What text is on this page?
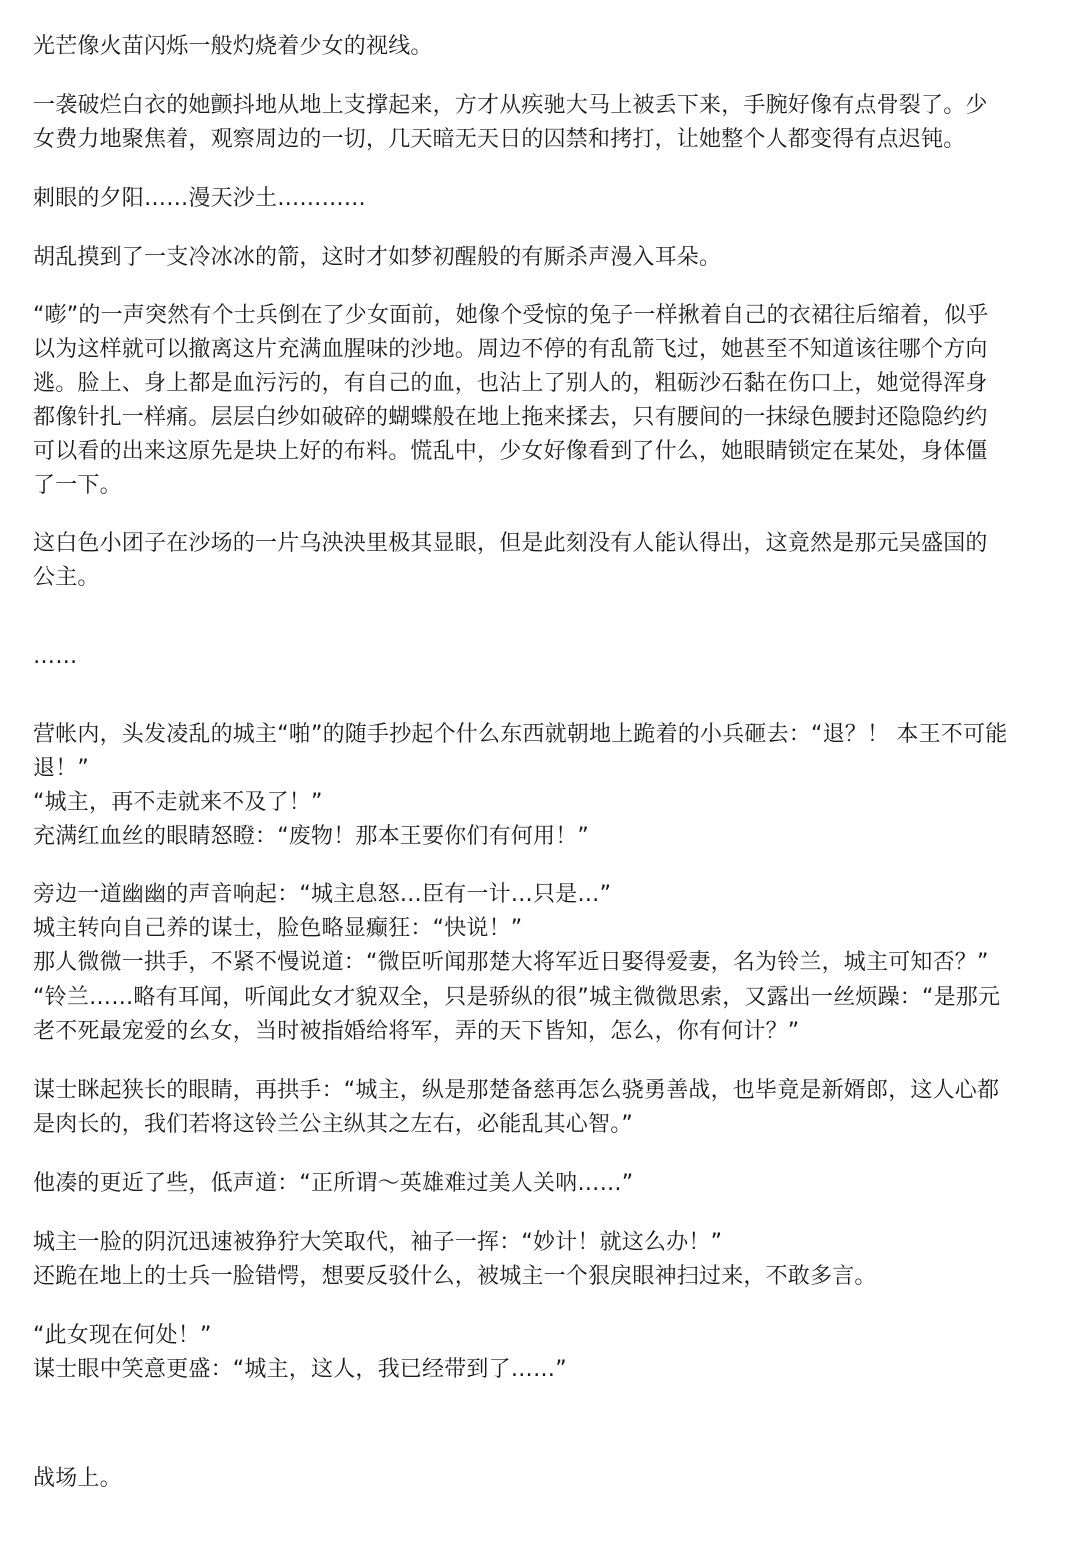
光芒像火苗闪烁一般灼烧着少女的视线。
一袭破烂白衣的她颤抖地从地上支撑起来，方才从疾驰大马上被丢下来，手腕好像有点骨裂了。少
女费力地聚焦着，观察周边的一切，几天暗无天日的囚禁和拷打，让她整个人都变得有点迟钝。
刺眼的夕阳……漫天沙土…………
胡乱摸到了一支冷冰冰的箭，这时才如梦初醒般的有厮杀声漫入耳朵。
“嘭”的一声突然有个士兵倒在了少女面前，她像个受惊的兔子一样揪着自己的衣裙往后缩着，似乎
以为这样就可以撤离这片充满血腥味的沙地。周边不停的有乱箭飞过，她甚至不知道该往哪个方向
逃。脸上、身上都是血污污的，有自己的血，也沾上了别人的，粗砺沙石黏在伤口上，她觉得浑身
都像针扎一样痛。层层白纱如破碎的蝴蝶般在地上拖来揉去，只有腰间的一抹绿色腰封还隐隐约约
可以看的出来这原先是块上好的布料。慌乱中，少女好像看到了什么，她眼睛锁定在某处，身体僵
了一下。
这白色小团子在沙场的一片乌泱泱里极其显眼，但是此刻没有人能认得出，这竟然是那元吴盛国的
公主。
……
营帐内，头发凌乱的城主“啪”的随手抄起个什么东西就朝地上跪着的小兵砸去：“退？！ 本王不可能
退！”
“城主，再不走就来不及了！”
充满红血丝的眼睛怒瞪：“废物！那本王要你们有何用！”
旁边一道幽幽的声音响起：“城主息怒…臣有一计…只是…”
城主转向自己养的谋士，脸色略显癫狂：“快说！”
那人微微一拱手，不紧不慢说道：“微臣听闻那楚大将军近日娶得爱妻，名为铃兰，城主可知否？”
“铃兰……略有耳闻，听闻此女才貌双全，只是骄纵的很”城主微微思索，又露出一丝烦躁：“是那元
老不死最宠爱的幺女，当时被指婚给将军，弄的天下皆知，怎么，你有何计？”
谋士眯起狭长的眼睛，再拱手：“城主，纵是那楚备慈再怎么骁勇善战，也毕竟是新婿郎，这人心都
是肉长的，我们若将这铃兰公主纵其之左右，必能乱其心智。”
他凑的更近了些，低声道：“正所谓～英雄难过美人关呐……”
城主一脸的阴沉迅速被狰狞大笑取代，袖子一挥：“妙计！就这么办！”
还跪在地上的士兵一脸错愕，想要反驳什么，被城主一个狠戾眼神扫过来，不敢多言。
“此女现在何处！”
谋士眼中笑意更盛：“城主，这人，我已经带到了……”
战场上。
